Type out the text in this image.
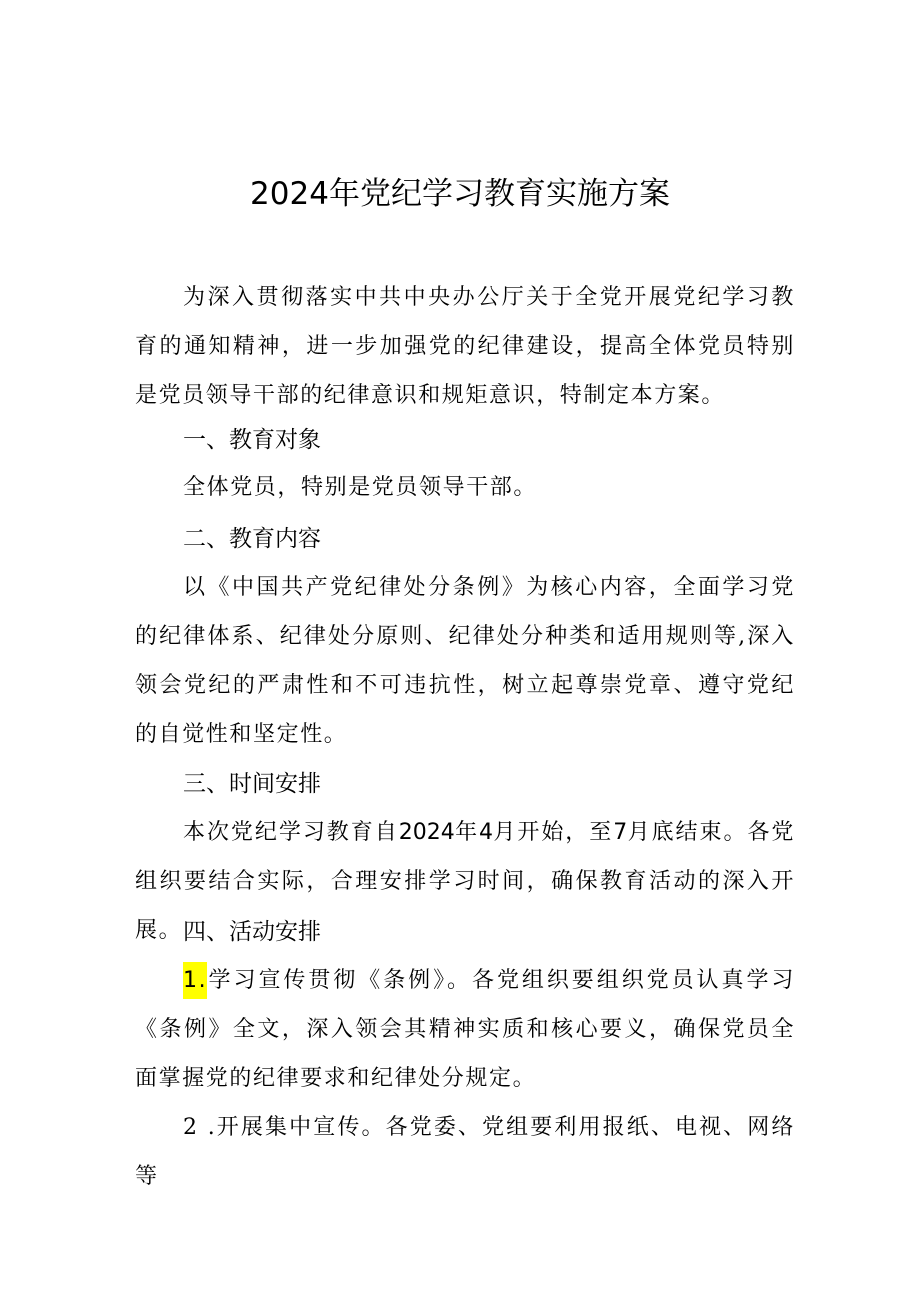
2024年党纪学习教育实施方案

为深入贯彻落实中共中央办公厅关于全党开展党纪学习教育的通知精神，进一步加强党的纪律建设，提高全体党员特别是党员领导干部的纪律意识和规矩意识，特制定本方案。

一、教育对象

全体党员，特别是党员领导干部。

二、教育内容

以《中国共产党纪律处分条例》为核心内容，全面学习党的纪律体系、纪律处分原则、纪律处分种类和适用规则等,深入领会党纪的严肃性和不可违抗性，树立起尊崇党章、遵守党纪的自觉性和坚定性。

三、时间安排

本次党纪学习教育自2024年4月开始，至7月底结束。各党组织要结合实际，合理安排学习时间，确保教育活动的深入开展。 四、活动安排

1.学习宣传贯彻《条例》。各党组织要组织党员认真学习《条例》全文，深入领会其精神实质和核心要义，确保党员全面掌握党的纪律要求和纪律处分规定。

2 .开展集中宣传。各党委、党组要利用报纸、电视、网络等
